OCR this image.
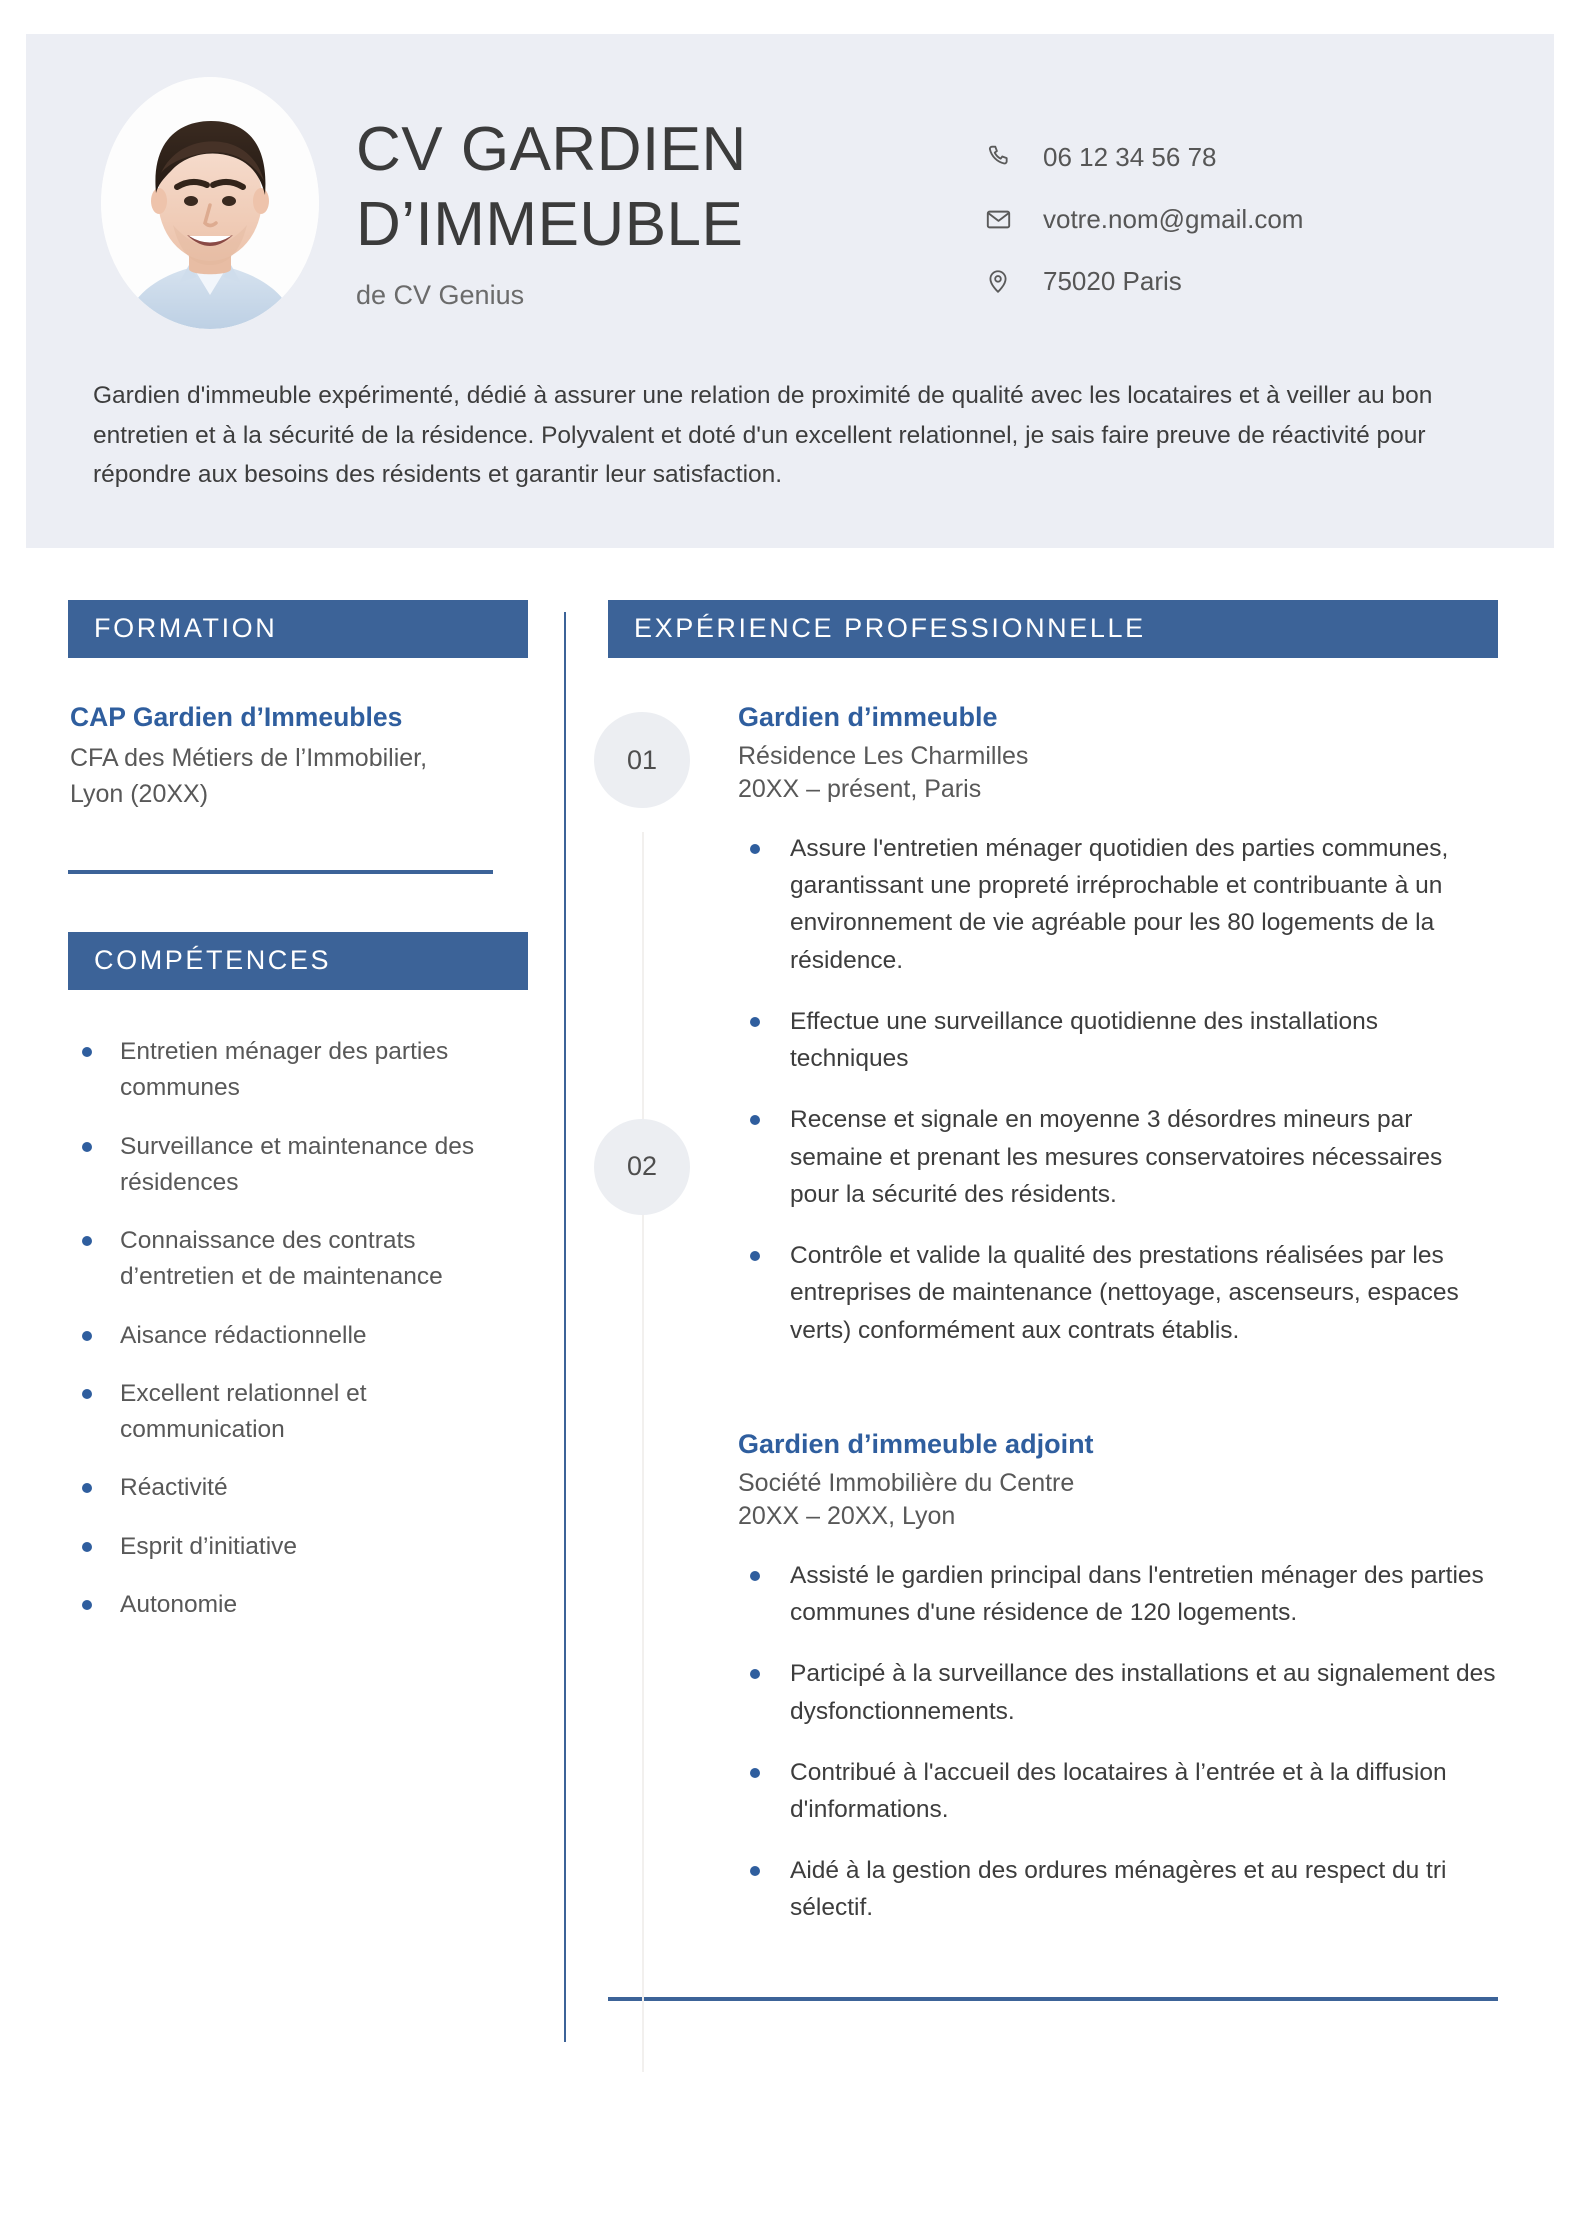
CV GARDIEN
D’IMMEUBLE
de CV Genius
06 12 34 56 78
votre.nom@gmail.com
75020 Paris
Gardien d'immeuble expérimenté, dédié à assurer une relation de proximité de qualité avec les locataires et à veiller au bon entretien et à la sécurité de la résidence. Polyvalent et doté d'un excellent relationnel, je sais faire preuve de réactivité pour répondre aux besoins des résidents et garantir leur satisfaction.
FORMATION
CAP Gardien d’Immeubles
CFA des Métiers de l’Immobilier,
Lyon (20XX)
COMPÉTENCES
Entretien ménager des parties communes
Surveillance et maintenance des résidences
Connaissance des contrats d’entretien et de maintenance
Aisance rédactionnelle
Excellent relationnel et communication
Réactivité
Esprit d’initiative
Autonomie
EXPÉRIENCE PROFESSIONNELLE
01
Gardien d’immeuble
Résidence Les Charmilles
20XX – présent, Paris
Assure l'entretien ménager quotidien des parties communes, garantissant une propreté irréprochable et contribuante à un environnement de vie agréable pour les 80 logements de la résidence.
Effectue une surveillance quotidienne des installations techniques
Recense et signale en moyenne 3 désordres mineurs par semaine et prenant les mesures conservatoires nécessaires pour la sécurité des résidents.
Contrôle et valide la qualité des prestations réalisées par les entreprises de maintenance (nettoyage, ascenseurs, espaces verts) conformément aux contrats établis.
02
Gardien d’immeuble adjoint
Société Immobilière du Centre
20XX – 20XX, Lyon
Assisté le gardien principal dans l'entretien ménager des parties communes d'une résidence de 120 logements.
Participé à la surveillance des installations et au signalement des dysfonctionnements.
Contribué à l'accueil des locataires à l’entrée et à la diffusion d'informations.
Aidé à la gestion des ordures ménagères et au respect du tri sélectif.
